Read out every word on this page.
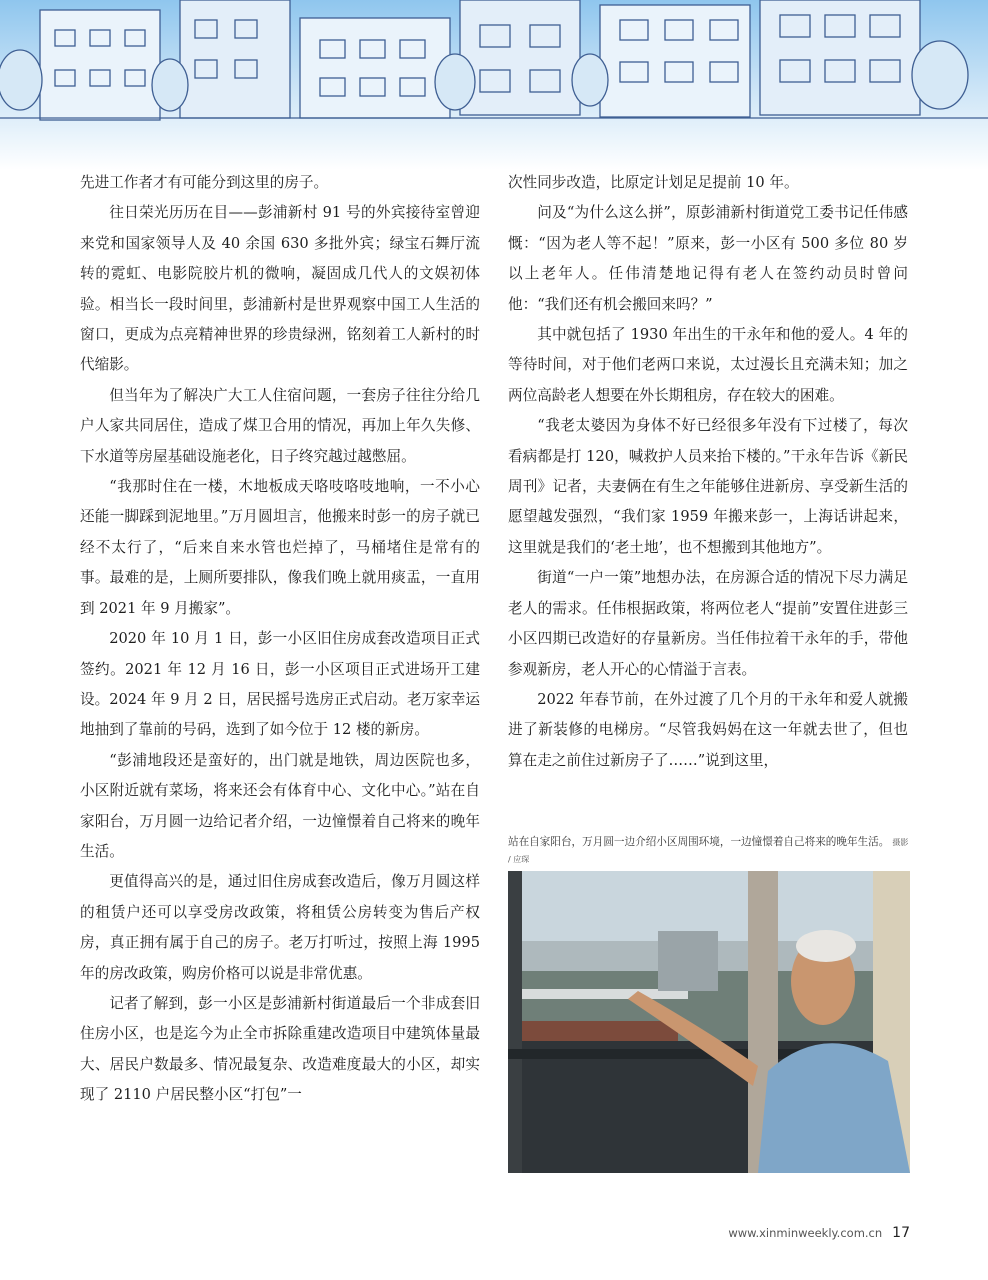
先进工作者才有可能分到这里的房子。

往日荣光历历在目——彭浦新村 91 号的外宾接待室曾迎来党和国家领导人及 40 余国 630 多批外宾；绿宝石舞厅流转的霓虹、电影院胶片机的微响，凝固成几代人的文娱初体验。相当长一段时间里，彭浦新村是世界观察中国工人生活的窗口，更成为点亮精神世界的珍贵绿洲，铭刻着工人新村的时代缩影。

但当年为了解决广大工人住宿问题，一套房子往往分给几户人家共同居住，造成了煤卫合用的情况，再加上年久失修、下水道等房屋基础设施老化，日子终究越过越憋屈。

“我那时住在一楼，木地板成天咯吱咯吱地响，一不小心还能一脚踩到泥地里。”万月圆坦言，他搬来时彭一的房子就已经不太行了，“后来自来水管也烂掉了，马桶堵住是常有的事。最难的是，上厕所要排队，像我们晚上就用痰盂，一直用到 2021 年 9 月搬家”。

2020 年 10 月 1 日，彭一小区旧住房成套改造项目正式签约。2021 年 12 月 16 日，彭一小区项目正式进场开工建设。2024 年 9 月 2 日，居民摇号选房正式启动。老万家幸运地抽到了靠前的号码，选到了如今位于 12 楼的新房。

“彭浦地段还是蛮好的，出门就是地铁，周边医院也多，小区附近就有菜场，将来还会有体育中心、文化中心。”站在自家阳台，万月圆一边给记者介绍，一边憧憬着自己将来的晚年生活。

更值得高兴的是，通过旧住房成套改造后，像万月圆这样的租赁户还可以享受房改政策，将租赁公房转变为售后产权房，真正拥有属于自己的房子。老万打听过，按照上海 1995 年的房改政策，购房价格可以说是非常优惠。

记者了解到，彭一小区是彭浦新村街道最后一个非成套旧住房小区，也是迄今为止全市拆除重建改造项目中建筑体量最大、居民户数最多、情况最复杂、改造难度最大的小区，却实现了 2110 户居民整小区“打包”一

次性同步改造，比原定计划足足提前 10 年。

问及“为什么这么拼”，原彭浦新村街道党工委书记任伟感慨：“因为老人等不起！”原来，彭一小区有 500 多位 80 岁以上老年人。任伟清楚地记得有老人在签约动员时曾问他：“我们还有机会搬回来吗？”

其中就包括了 1930 年出生的干永年和他的爱人。4 年的等待时间，对于他们老两口来说，太过漫长且充满未知；加之两位高龄老人想要在外长期租房，存在较大的困难。

“我老太婆因为身体不好已经很多年没有下过楼了，每次看病都是打 120，喊救护人员来抬下楼的。”干永年告诉《新民周刊》记者，夫妻俩在有生之年能够住进新房、享受新生活的愿望越发强烈，“我们家 1959 年搬来彭一，上海话讲起来，这里就是我们的‘老土地’，也不想搬到其他地方”。

街道“一户一策”地想办法，在房源合适的情况下尽力满足老人的需求。任伟根据政策，将两位老人“提前”安置住进彭三小区四期已改造好的存量新房。当任伟拉着干永年的手，带他参观新房，老人开心的心情溢于言表。

2022 年春节前，在外过渡了几个月的干永年和爱人就搬进了新装修的电梯房。“尽管我妈妈在这一年就去世了，但也算在走之前住过新房子了……”说到这里，

站在自家阳台，万月圆一边介绍小区周围环境，一边憧憬着自己将来的晚年生活。 摄影 / 应琛
www.xinminweekly.com.cn 17
